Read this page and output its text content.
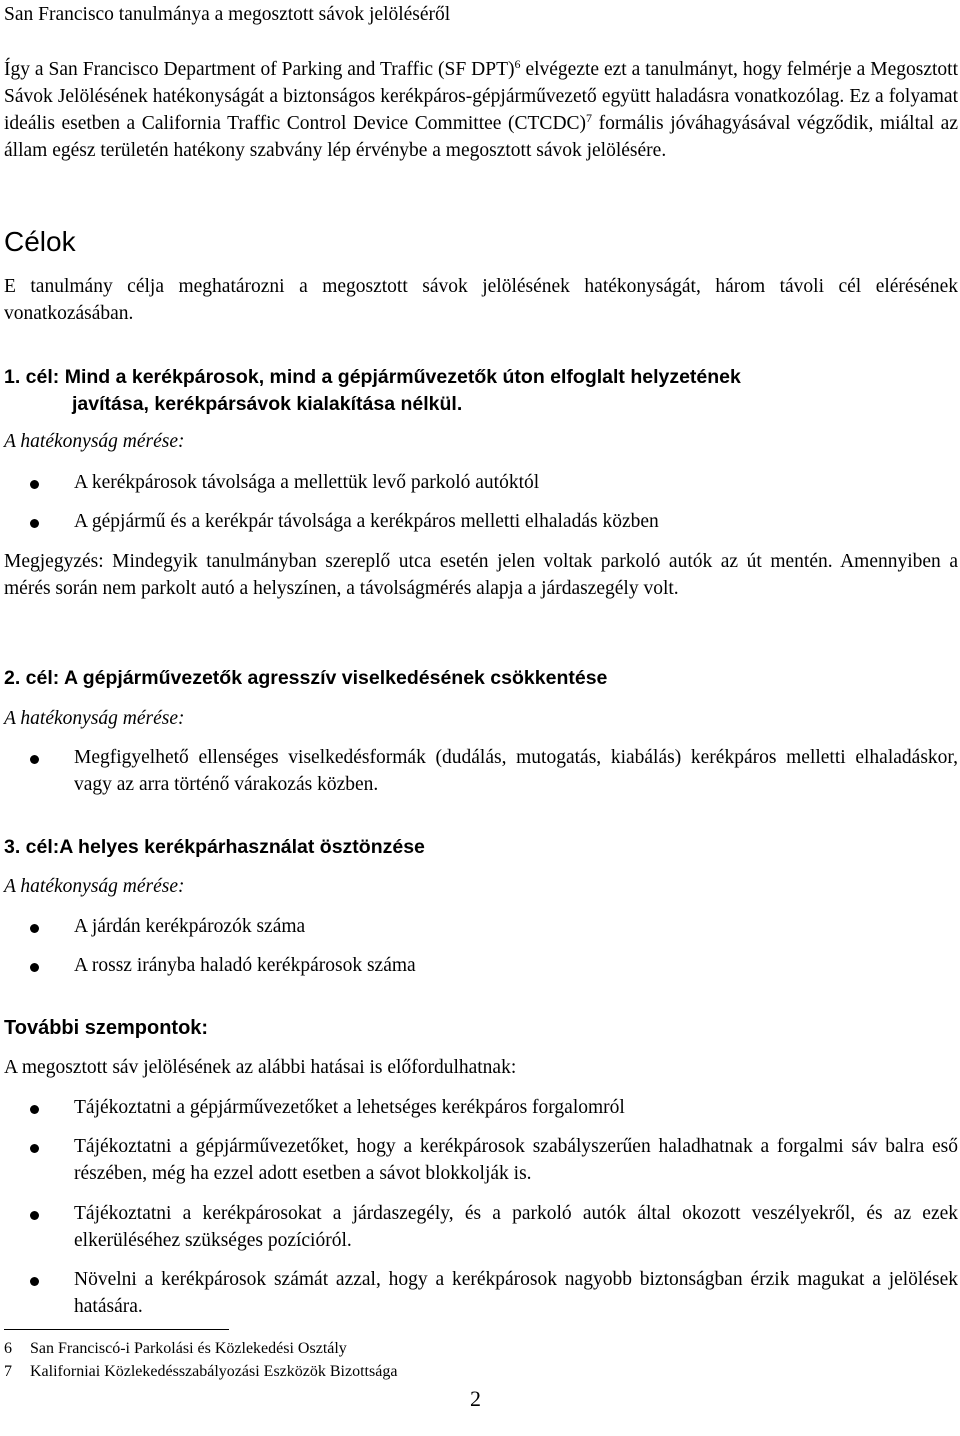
San Francisco tanulmánya a megosztott sávok jelöléséről

Így a San Francisco Department of Parking and Traffic (SF DPT)$^6$ elvégezte ezt a tanulmányt, hogy felmérje a Megosztott Sávok Jelölésének hatékonyságát a biztonságos kerékpáros-gépjárművezető együtt haladásra vonatkozólag. Ez a folyamat ideális esetben a California Traffic Control Device Committee (CTCDC)$^7$ formális jóváhagyásával végződik, miáltal az állam egész területén hatékony szabvány lép érvénybe a megosztott sávok jelölésére.

Célok

E tanulmány célja meghatározni a megosztott sávok jelölésének hatékonyságát, három távoli cél elérésének vonatkozásában.

1. cél: Mind a kerékpárosok, mind a gépjárművezetők úton elfoglalt helyzetének
javítása, kerékpársávok kialakítása nélkül.
A hatékonyság mérése:
A kerékpárosok távolsága a mellettük levő parkoló autóktól
A gépjármű és a kerékpár távolsága a kerékpáros melletti elhaladás közben

Megjegyzés: Mindegyik tanulmányban szereplő utca esetén jelen voltak parkoló autók az út mentén. Amennyiben a mérés során nem parkolt autó a helyszínen, a távolságmérés alapja a járdaszegély volt.

2. cél: A gépjárművezetők agresszív viselkedésének csökkentése
A hatékonyság mérése:
Megfigyelhető ellenséges viselkedésformák (dudálás, mutogatás, kiabálás) kerékpáros melletti elhaladáskor, vagy az arra történő várakozás közben.
3. cél:A helyes kerékpárhasználat ösztönzése
A hatékonyság mérése:
A járdán kerékpározók száma
A rossz irányba haladó kerékpárosok száma
További szempontok:
A megosztott sáv jelölésének az alábbi hatásai is előfordulhatnak:
Tájékoztatni a gépjárművezetőket a lehetséges kerékpáros forgalomról
Tájékoztatni a gépjárművezetőket, hogy a kerékpárosok szabályszerűen haladhatnak a forgalmi sáv balra eső részében, még ha ezzel adott esetben a sávot blokkolják is.
Tájékoztatni a kerékpárosokat a járdaszegély, és a parkoló autók által okozott veszélyekről, és az ezek elkerüléséhez szükséges pozícióról.
Növelni a kerékpárosok számát azzal, hogy a kerékpárosok nagyobb biztonságban érzik magukat a jelölések hatására.
6 San Franciscó-i Parkolási és Közlekedési Osztály
7 Kaliforniai Közlekedésszabályozási Eszközök Bizottsága
2
